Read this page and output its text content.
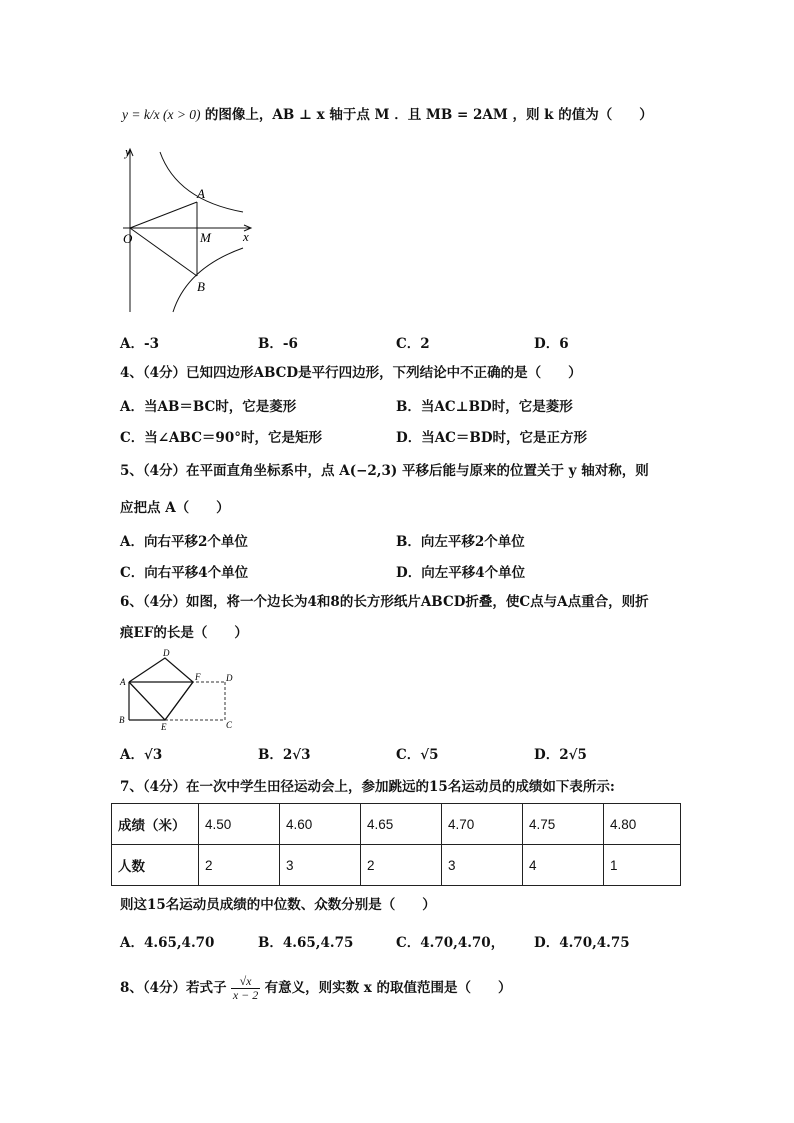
y = k/x (x > 0) 的图像上，AB ⊥ x 轴于点 M ．且 MB = 2AM ，则 k 的值为（　　）
y
x
O
A
M
B
A．-3	B．-6	C．2	D．6
4、（4分）已知四边形ABCD是平行四边形，下列结论中不正确的是（　　）
A．当AB＝BC时，它是菱形	B．当AC⊥BD时，它是菱形
C．当∠ABC＝90°时，它是矩形	D．当AC＝BD时，它是正方形
5、（4分）在平面直角坐标系中，点 A(−2,3) 平移后能与原来的位置关于 y 轴对称，则
应把点 A（　　）
A．向右平移2个单位	B．向左平移2个单位
C．向右平移4个单位	D．向左平移4个单位
6、（4分）如图，将一个边长为4和8的长方形纸片ABCD折叠，使C点与A点重合，则折
痕EF的长是（　　）
D
A	F	D
B
E	C
A．√3	B．2√3	C．√5	D．2√5
7、（4分）在一次中学生田径运动会上，参加跳远的15名运动员的成绩如下表所示:
成绩（米）	4.50	4.60	4.65	4.70	4.75	4.80
人数	2	3	2	3	4	1
则这15名运动员成绩的中位数、众数分别是（　　）
A．4.65,4.70	B．4.65,4.75	C．4.70,4.70， D．4.70,4.75
8、（4分）若式子 $\frac{√x}{x - 2}$ 有意义，则实数 x 的取值范围是（　　）
